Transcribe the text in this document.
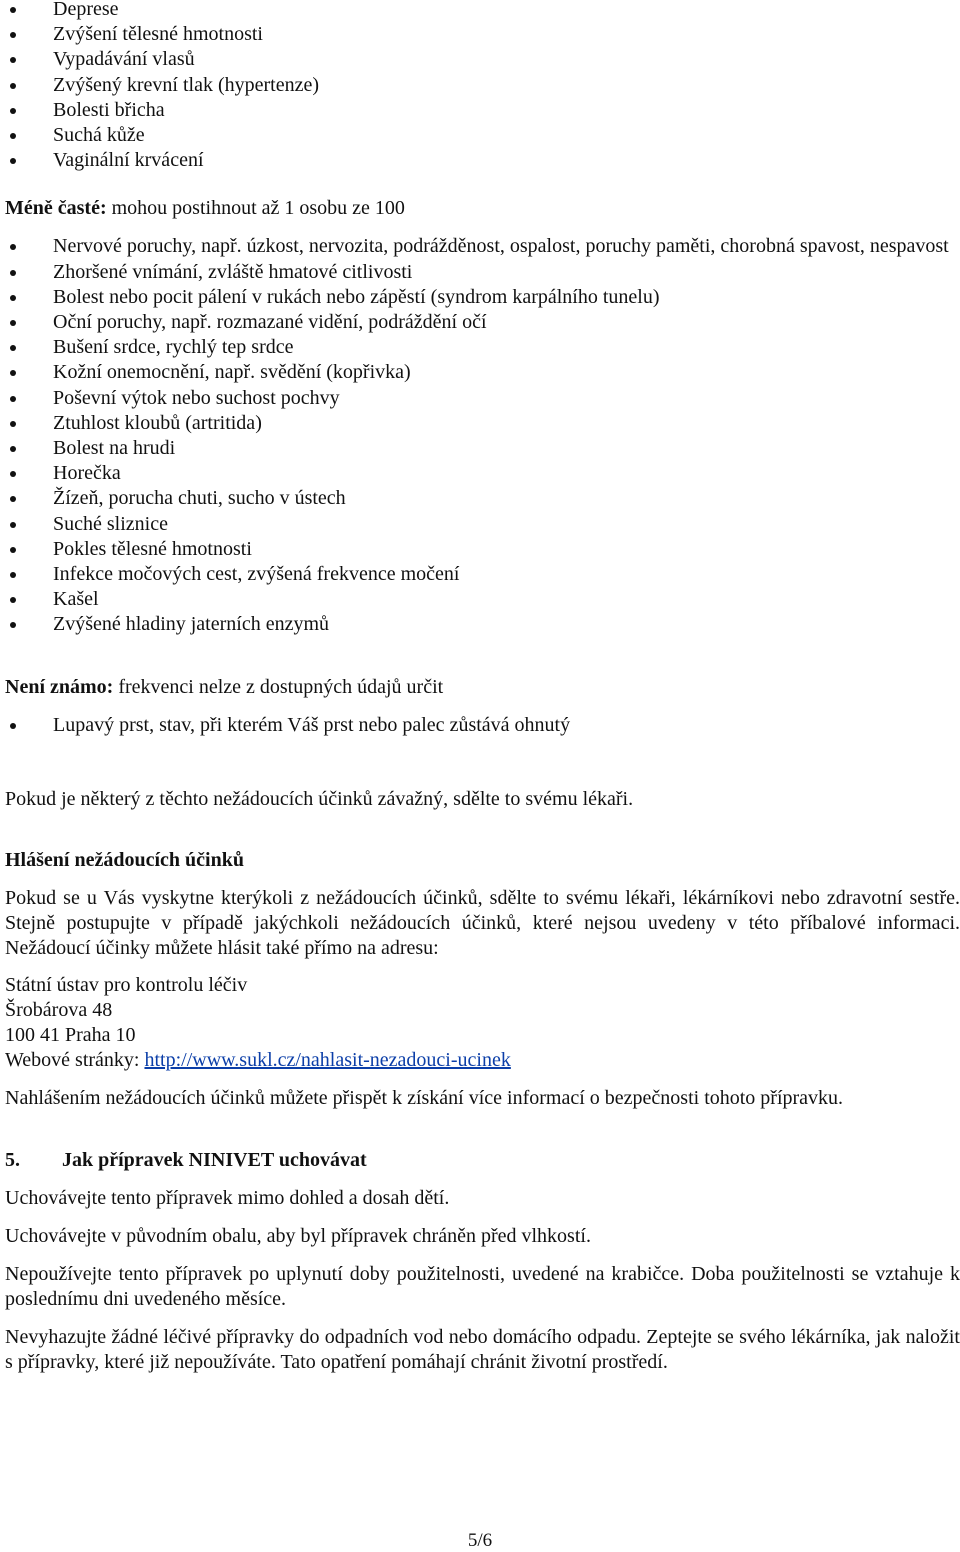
Deprese
Zvýšení tělesné hmotnosti
Vypadávání vlasů
Zvýšený krevní tlak (hypertenze)
Bolesti břicha
Suchá kůže
Vaginální krvácení

Méně časté: mohou postihnout až 1 osobu ze 100

Nervové poruchy, např. úzkost, nervozita, podrážděnost, ospalost, poruchy paměti, chorobná spavost, nespavost
Zhoršené vnímání, zvláště hmatové citlivosti
Bolest nebo pocit pálení v rukách nebo zápěstí (syndrom karpálního tunelu)
Oční poruchy, např. rozmazané vidění, podráždění očí
Bušení srdce, rychlý tep srdce
Kožní onemocnění, např. svědění (kopřivka)
Poševní výtok nebo suchost pochvy
Ztuhlost kloubů (artritida)
Bolest na hrudi
Horečka
Žízeň, porucha chuti, sucho v ústech
Suché sliznice
Pokles tělesné hmotnosti
Infekce močových cest, zvýšená frekvence močení
Kašel
Zvýšené hladiny jaterních enzymů

Není známo: frekvenci nelze z dostupných údajů určit

Lupavý prst, stav, při kterém Váš prst nebo palec zůstává ohnutý

Pokud je některý z těchto nežádoucích účinků závažný, sdělte to svému lékaři.

Hlášení nežádoucích účinků

Pokud se u Vás vyskytne kterýkoli z nežádoucích účinků, sdělte to svému lékaři, lékárníkovi nebo zdravotní sestře. Stejně postupujte v případě jakýchkoli nežádoucích účinků, které nejsou uvedeny v této příbalové informaci. Nežádoucí účinky můžete hlásit také přímo na adresu:

Státní ústav pro kontrolu léčiv

Šrobárova 48

100 41 Praha 10

Webové stránky: http://www.sukl.cz/nahlasit-nezadouci-ucinek

Nahlášením nežádoucích účinků můžete přispět k získání více informací o bezpečnosti tohoto přípravku.

5. Jak přípravek NINIVET uchovávat

Uchovávejte tento přípravek mimo dohled a dosah dětí.

Uchovávejte v původním obalu, aby byl přípravek chráněn před vlhkostí.

Nepoužívejte tento přípravek po uplynutí doby použitelnosti, uvedené na krabičce. Doba použitelnosti se vztahuje k poslednímu dni uvedeného měsíce.

Nevyhazujte žádné léčivé přípravky do odpadních vod nebo domácího odpadu. Zeptejte se svého lékárníka, jak naložit s přípravky, které již nepoužíváte. Tato opatření pomáhají chránit životní prostředí.

5/6
